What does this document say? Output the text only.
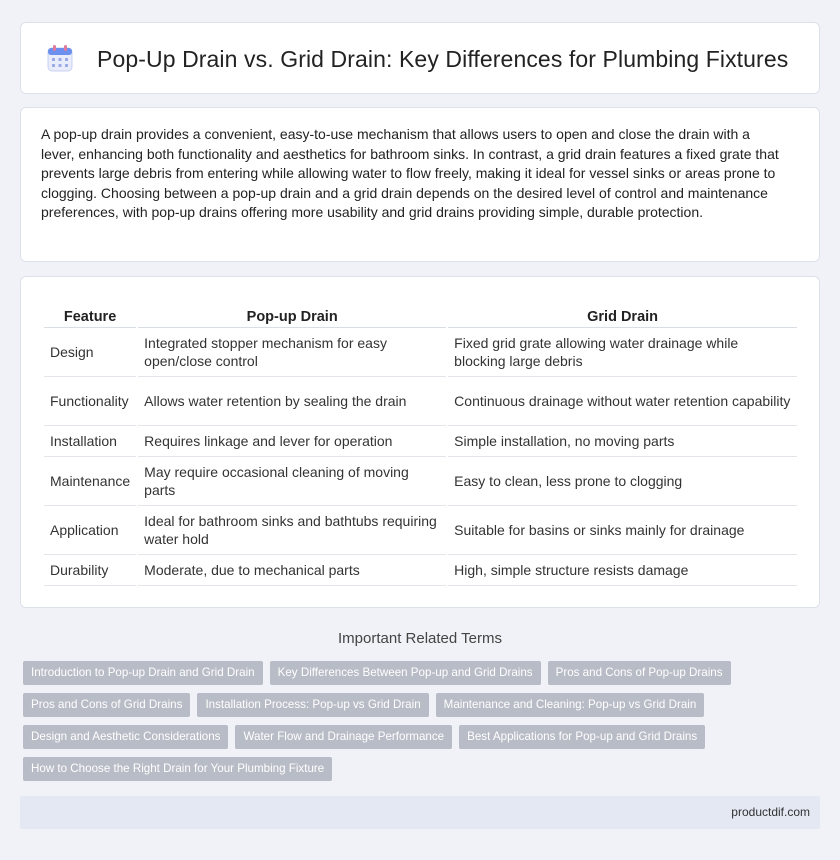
Pop-Up Drain vs. Grid Drain: Key Differences for Plumbing Fixtures

A pop-up drain provides a convenient, easy-to-use mechanism that allows users to open and close the drain with a lever, enhancing both functionality and aesthetics for bathroom sinks. In contrast, a grid drain features a fixed grate that prevents large debris from entering while allowing water to flow freely, making it ideal for vessel sinks or areas prone to clogging. Choosing between a pop-up drain and a grid drain depends on the desired level of control and maintenance preferences, with pop-up drains offering more usability and grid drains providing simple, durable protection.

Feature	Pop-up Drain	Grid Drain
Design	Integrated stopper mechanism for easy open/close control	Fixed grid grate allowing water drainage while blocking large debris
Functionality	Allows water retention by sealing the drain	Continuous drainage without water retention capability
Installation	Requires linkage and lever for operation	Simple installation, no moving parts
Maintenance	May require occasional cleaning of moving parts	Easy to clean, less prone to clogging
Application	Ideal for bathroom sinks and bathtubs requiring water hold	Suitable for basins or sinks mainly for drainage
Durability	Moderate, due to mechanical parts	High, simple structure resists damage
Important Related Terms
Introduction to Pop-up Drain and Grid Drain	Key Differences Between Pop-up and Grid Drains	Pros and Cons of Pop-up Drains
Pros and Cons of Grid Drains	Installation Process: Pop-up vs Grid Drain	Maintenance and Cleaning: Pop-up vs Grid Drain
Design and Aesthetic Considerations	Water Flow and Drainage Performance	Best Applications for Pop-up and Grid Drains
How to Choose the Right Drain for Your Plumbing Fixture
productdif.com
